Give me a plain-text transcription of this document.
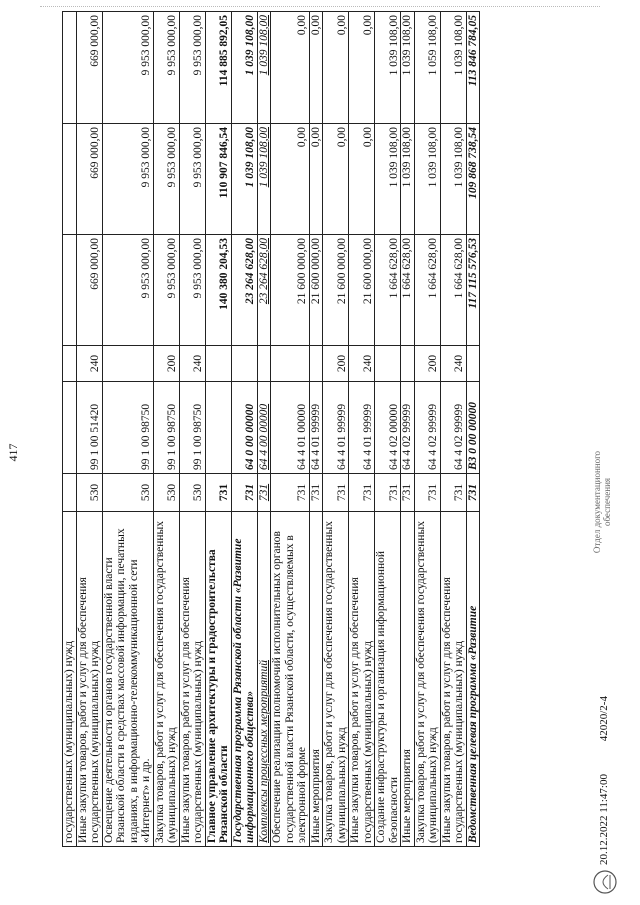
417
государственных (муниципальных) нужд						
Иные закупки товаров, работ и услуг для обеспечения государственных (муниципальных) нужд	530	99 1 00 51420	240	669 000,00	669 000,00	669 000,00
Освещение деятельности органов государственной власти Рязанской области в средствах массовой информации, печатных изданиях, в информационно-телекоммуникационной сети «Интернет» и др.	530	99 1 00 98750		9 953 000,00	9 953 000,00	9 953 000,00
Закупка товаров, работ и услуг для обеспечения государственных (муниципальных) нужд	530	99 1 00 98750	200	9 953 000,00	9 953 000,00	9 953 000,00
Иные закупки товаров, работ и услуг для обеспечения государственных (муниципальных) нужд	530	99 1 00 98750	240	9 953 000,00	9 953 000,00	9 953 000,00
Главное управление архитектуры и градостроительства Рязанской области	731			140 380 204,53	110 907 846,54	114 885 892,05
Государственная программа Рязанской области «Развитие информационного общества»	731	64 0 00 00000		23 264 628,00	1 039 108,00	1 039 108,00
Комплексы процессных мероприятий	731	64 4 00 00000		23 264 628,00	1 039 108,00	1 039 108,00
Обеспечение реализации полномочий исполнительных органов государственной власти Рязанской области, осуществляемых в электронной форме	731	64 4 01 00000		21 600 000,00	0,00	0,00
Иные мероприятия	731	64 4 01 99999		21 600 000,00	0,00	0,00
Закупка товаров, работ и услуг для обеспечения государственных (муниципальных) нужд	731	64 4 01 99999	200	21 600 000,00	0,00	0,00
Иные закупки товаров, работ и услуг для обеспечения государственных (муниципальных) нужд	731	64 4 01 99999	240	21 600 000,00	0,00	0,00
Создание инфраструктуры и организация информационной безопасности	731	64 4 02 00000		1 664 628,00	1 039 108,00	1 039 108,00
Иные мероприятия	731	64 4 02 99999		1 664 628,00	1 039 108,00	1 039 108,00
Закупка товаров, работ и услуг для обеспечения государственных (муниципальных) нужд	731	64 4 02 99999	200	1 664 628,00	1 039 108,00	1 059 108,00
Иные закупки товаров, работ и услуг для обеспечения государственных (муниципальных) нужд	731	64 4 02 99999	240	1 664 628,00	1 039 108,00	1 039 108,00
Ведомственная целевая программа «Развитие	731	В3 0 00 00000		117 115 576,53	109 868 738,54	113 846 784,05
20.12.2022 11:47:00 42020/2-4
Отдел документационного обеспечения
